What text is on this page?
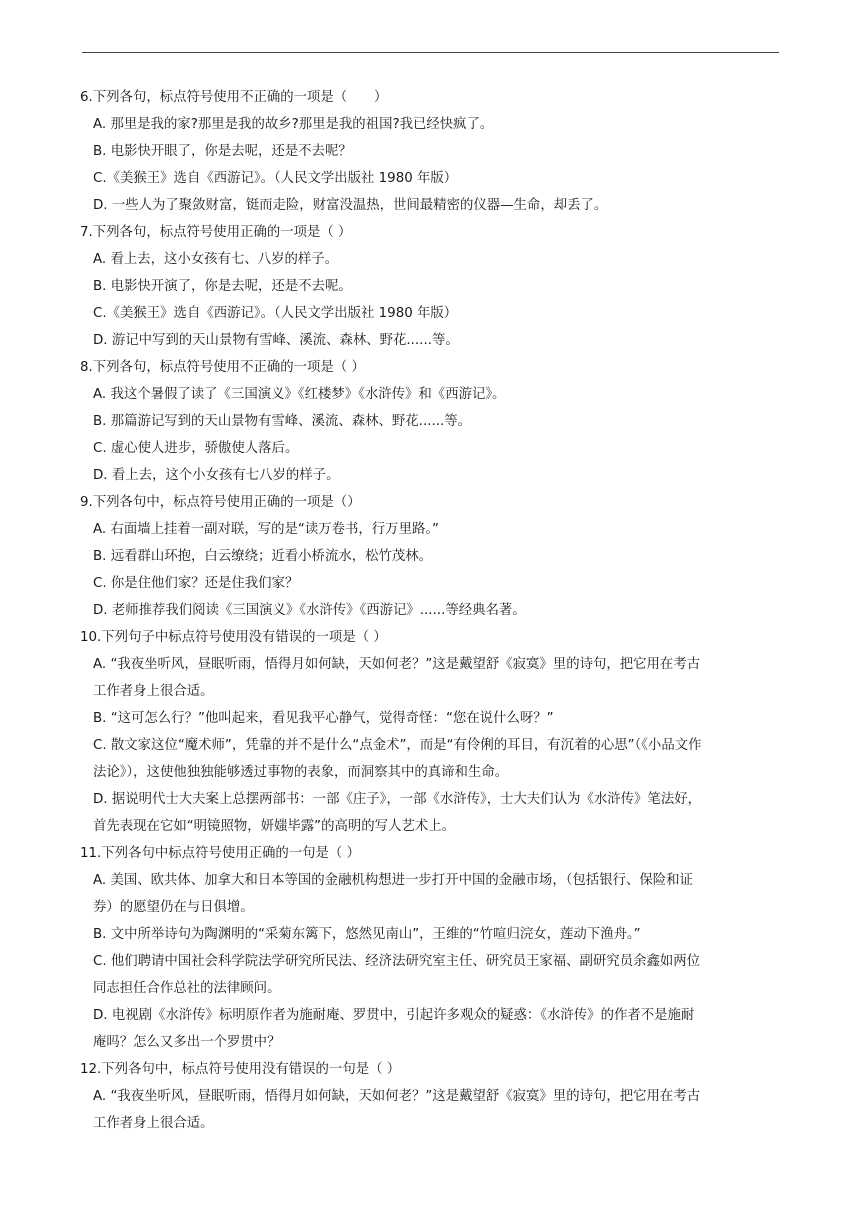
6.下列各句，标点符号使用不正确的一项是（　　）
A. 那里是我的家?那里是我的故乡?那里是我的祖国?我已经快疯了。
B. 电影快开眼了，你是去呢，还是不去呢？
C.《美猴王》选自《西游记》。（人民文学出版社 1980 年版）
D. 一些人为了聚敛财富，铤而走险，财富没温热，世间最精密的仪器—生命，却丢了。
7.下列各句，标点符号使用正确的一项是（ ）
A. 看上去，这小女孩有七、八岁的样子。
B. 电影快开演了，你是去呢，还是不去呢。
C.《美猴王》选自《西游记》。（人民文学出版社 1980 年版）
D. 游记中写到的天山景物有雪峰、溪流、森林、野花......等。
8.下列各句，标点符号使用不正确的一项是（ ）
A. 我这个暑假了读了《三国演义》《红楼梦》《水浒传》和《西游记》。
B. 那篇游记写到的天山景物有雪峰、溪流、森林、野花......等。
C. 虚心使人进步，骄傲使人落后。
D. 看上去，这个小女孩有七八岁的样子。
9.下列各句中，标点符号使用正确的一项是（）
A. 右面墙上挂着一副对联，写的是“读万卷书，行万里路。”
B. 远看群山环抱，白云缭绕；近看小桥流水，松竹茂林。
C. 你是住他们家？还是住我们家？
D. 老师推荐我们阅读《三国演义》《水浒传》《西游记》......等经典名著。
10.下列句子中标点符号使用没有错误的一项是（ ）
A. “我夜坐听风，昼眠听雨，悟得月如何缺，天如何老？”这是戴望舒《寂寞》里的诗句，把它用在考古
工作者身上很合适。
B. “这可怎么行？”他叫起来，看见我平心静气，觉得奇怪：“您在说什么呀？”
C. 散文家这位“魔术师”，凭靠的并不是什么“点金术”，而是“有伶俐的耳目，有沉着的心思”（《小品文作
法论》），这使他独独能够透过事物的表象，而洞察其中的真谛和生命。
D. 据说明代士大夫案上总摆两部书：一部《庄子》，一部《水浒传》，士大夫们认为《水浒传》笔法好，
首先表现在它如“明镜照物，妍媸毕露”的高明的写人艺术上。
11.下列各句中标点符号使用正确的一句是（ ）
A. 美国、欧共体、加拿大和日本等国的金融机构想进一步打开中国的金融市场，（包括银行、保险和证
券）的愿望仍在与日俱增。
B. 文中所举诗句为陶渊明的“采菊东篱下，悠然见南山”，王维的“竹喧归浣女，莲动下渔舟。”
C. 他们聘请中国社会科学院法学研究所民法、经济法研究室主任、研究员王家福、副研究员余鑫如两位
同志担任合作总社的法律顾问。
D. 电视剧《水浒传》标明原作者为施耐庵、罗贯中，引起许多观众的疑惑：《水浒传》的作者不是施耐
庵吗？怎么又多出一个罗贯中？
12.下列各句中，标点符号使用没有错误的一句是（ ）
A. “我夜坐听风，昼眠听雨，悟得月如何缺，天如何老？”这是戴望舒《寂寞》里的诗句，把它用在考古
工作者身上很合适。
